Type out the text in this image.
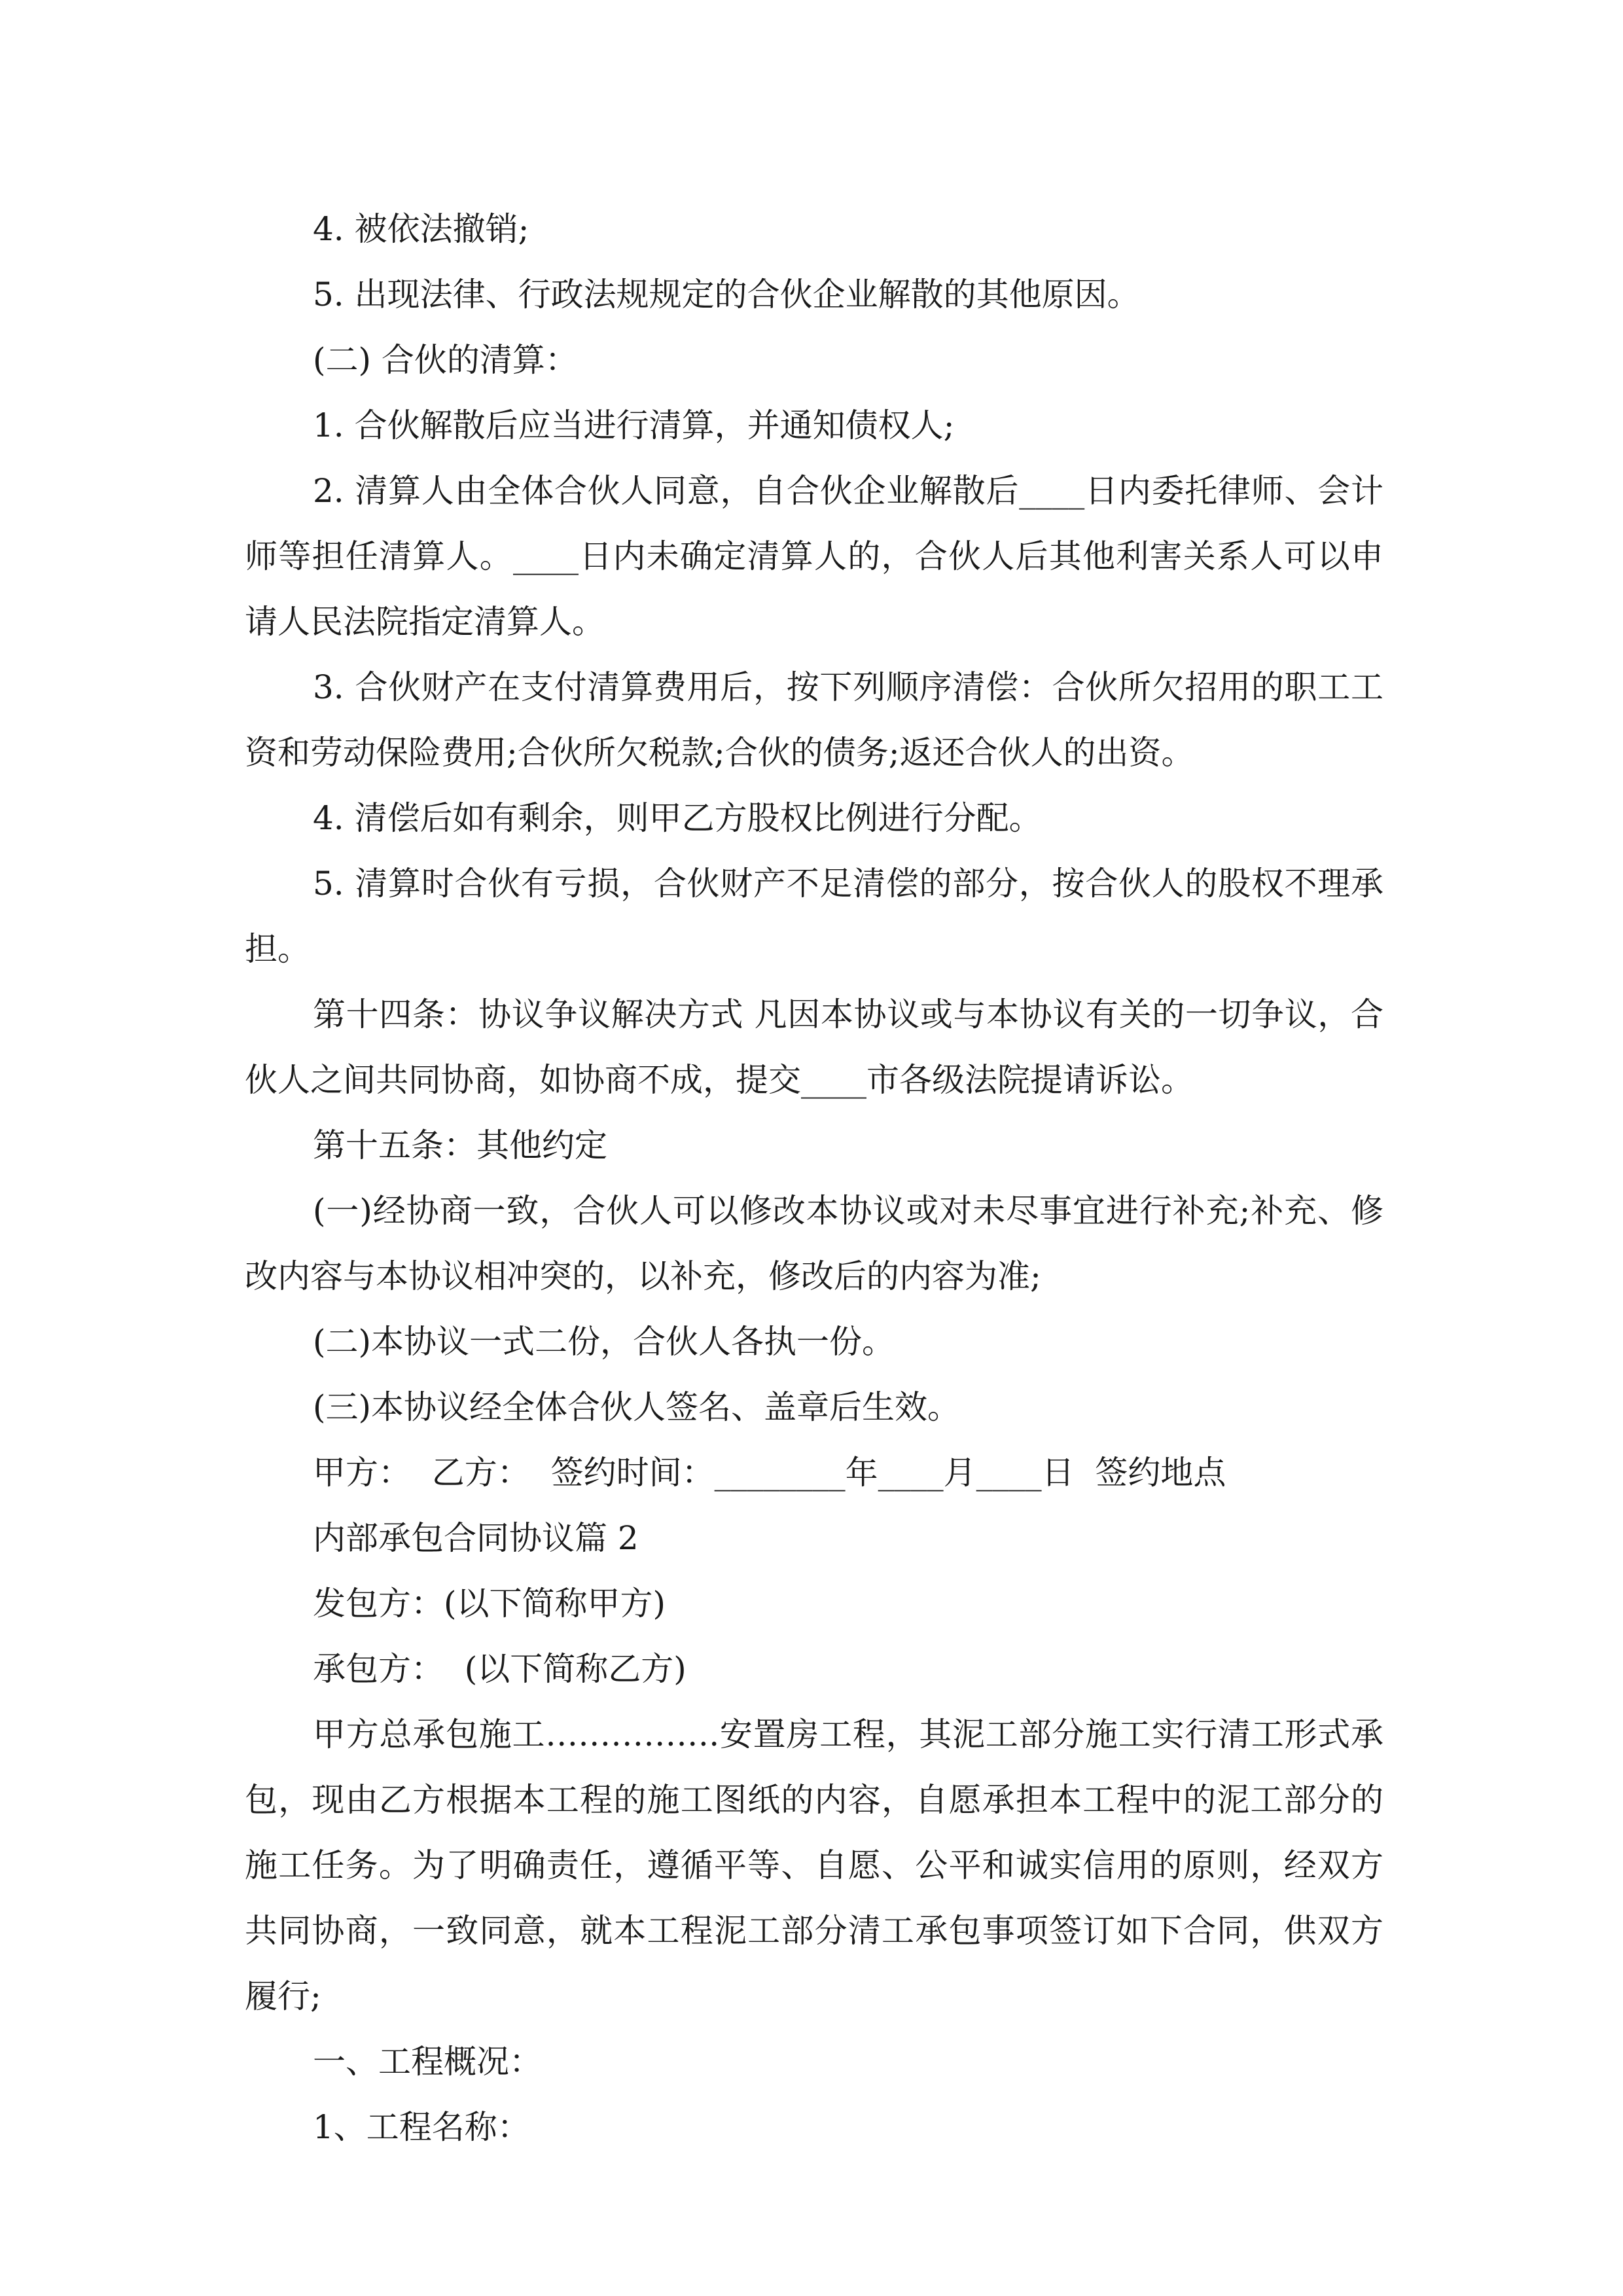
4. 被依法撤销;

5. 出现法律、行政法规规定的合伙企业解散的其他原因。

(二) 合伙的清算：

1. 合伙解散后应当进行清算，并通知债权人;

2. 清算人由全体合伙人同意，自合伙企业解散后____日内委托律师、会计师等担任清算人。____日内未确定清算人的，合伙人后其他利害关系人可以申请人民法院指定清算人。

3. 合伙财产在支付清算费用后，按下列顺序清偿：合伙所欠招用的职工工资和劳动保险费用;合伙所欠税款;合伙的债务;返还合伙人的出资。

4. 清偿后如有剩余，则甲乙方股权比例进行分配。

5. 清算时合伙有亏损，合伙财产不足清偿的部分，按合伙人的股权不理承担。

第十四条：协议争议解决方式 凡因本协议或与本协议有关的一切争议，合伙人之间共同协商，如协商不成，提交____市各级法院提请诉讼。

第十五条：其他约定

(一)经协商一致，合伙人可以修改本协议或对未尽事宜进行补充;补充、修改内容与本协议相冲突的，以补充，修改后的内容为准;

(二)本协议一式二份，合伙人各执一份。

(三)本协议经全体合伙人签名、盖章后生效。

甲方：  乙方：  签约时间：________年____月____日  签约地点

内部承包合同协议篇 2

发包方：(以下简称甲方)

承包方：  (以下简称乙方)

甲方总承包施工…………….安置房工程，其泥工部分施工实行清工形式承包，现由乙方根据本工程的施工图纸的内容，自愿承担本工程中的泥工部分的施工任务。为了明确责任，遵循平等、自愿、公平和诚实信用的原则，经双方共同协商，一致同意，就本工程泥工部分清工承包事项签订如下合同，供双方履行;

一、工程概况：

1、工程名称：
